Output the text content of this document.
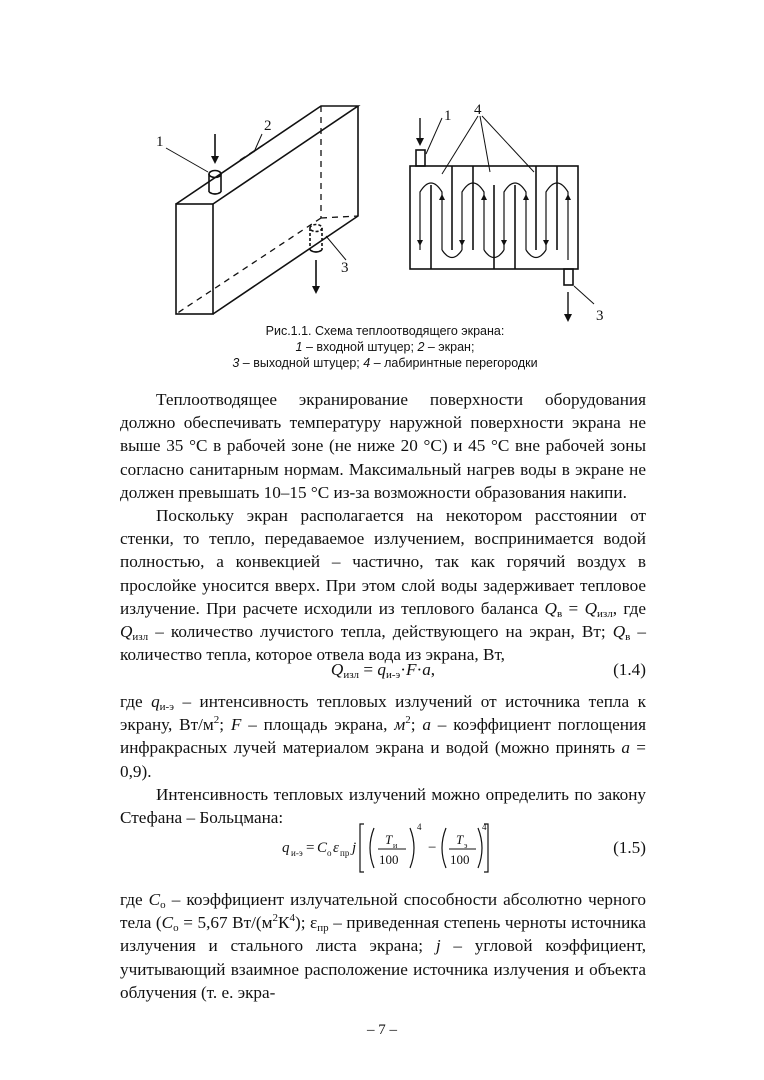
1
2
3
1 4
3
Рис.1.1. Схема теплоотводящего экрана:
1 – входной штуцер; 2 – экран;
3 – выходной штуцер; 4 – лабиринтные перегородки

Теплоотводящее экранирование поверхности оборудования должно обеспечивать температуру наружной поверхности экрана не выше 35 °С в рабочей зоне (не ниже 20 °С) и 45 °С вне рабочей зоны согласно санитарным нормам. Максимальный нагрев воды в экране не должен превышать 10–15 °С из-за возможности образования накипи.

Поскольку экран располагается на некотором расстоянии от стенки, то тепло, передаваемое излучением, воспринимается водой полностью, а конвекцией – частично, так как горячий воздух в прослойке уносится вверх. При этом слой воды задерживает тепловое излучение. При расчете исходили из теплового баланса $Q_в = Q_{изл}$, где $Q_{изл}$ – количество лучистого тепла, действующего на экран, Вт; $Q_в$ – количество тепла, которое отвела вода из экрана, Вт,

$Q_{изл} = q_{и-э}\cdot F\cdot a$,	(1.4)

где $q_{и-э}$ – интенсивность тепловых излучений от источника тепла к экрану, $Вт/м^2$; F – площадь экрана, $м^2$; a – коэффициент поглощения инфракрасных лучей материалом экрана и водой (можно принять a = 0,9).

Интенсивность тепловых излучений можно определить по закону Стефана – Больцмана:

q и-э = C о ε пр j
T и
100
4
−
T э
100
4
(1.5)

где $C_о$ – коэффициент излучательной способности абсолютно черного тела ($C_о = 5,67$ $Вт/(м^2К^4)$; $\varepsilon_{пр}$ – приведенная степень черноты источника излучения и стального листа экрана; j – угловой коэффициент, учитывающий взаимное расположение источника излучения и объекта облучения (т. е. экра-

– 7 –
